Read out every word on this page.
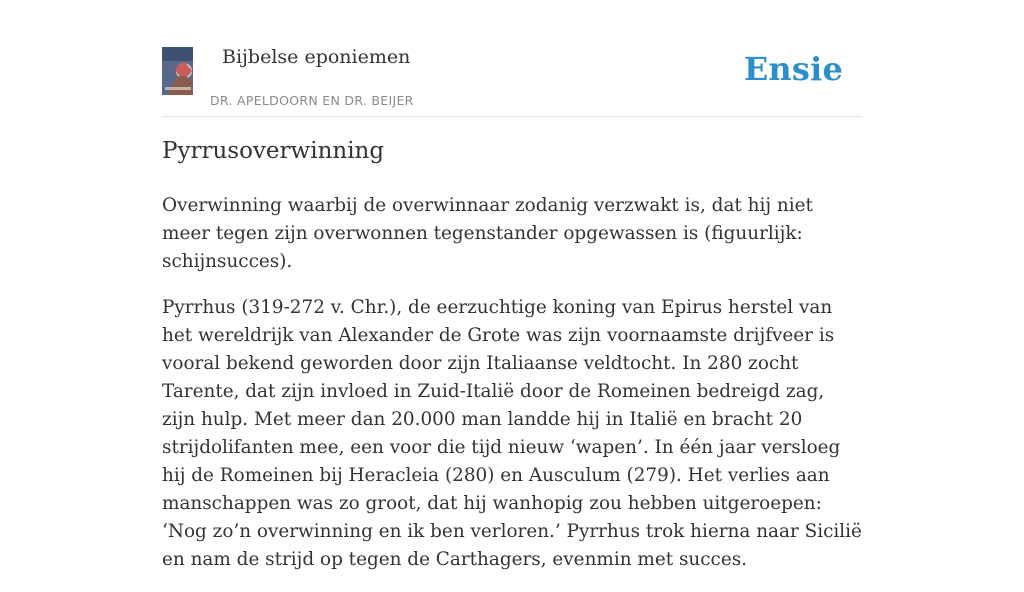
Bijbelse eponiemen
DR. APELDOORN EN DR. BEIJER
Ensie
Pyrrusoverwinning

Overwinning waarbij de overwinnaar zodanig verzwakt is, dat hij niet meer tegen zijn overwonnen tegenstander opgewassen is (figuurlijk: schijnsucces).

Pyrrhus (319-272 v. Chr.), de eerzuchtige koning van Epirus herstel van het wereldrijk van Alexander de Grote was zijn voornaamste drijfveer is vooral bekend geworden door zijn Italiaanse veldtocht. In 280 zocht Tarente, dat zijn invloed in Zuid-Italië door de Romeinen bedreigd zag, zijn hulp. Met meer dan 20.000 man landde hij in Italië en bracht 20 strijdolifanten mee, een voor die tijd nieuw ‘wapen’. In één jaar versloeg hij de Romeinen bij Heracleia (280) en Ausculum (279). Het verlies aan manschappen was zo groot, dat hij wanhopig zou hebben uitgeroepen: ‘Nog zo’n overwinning en ik ben verloren.’ Pyrrhus trok hierna naar Sicilië en nam de strijd op tegen de Carthagers, evenmin met succes.
